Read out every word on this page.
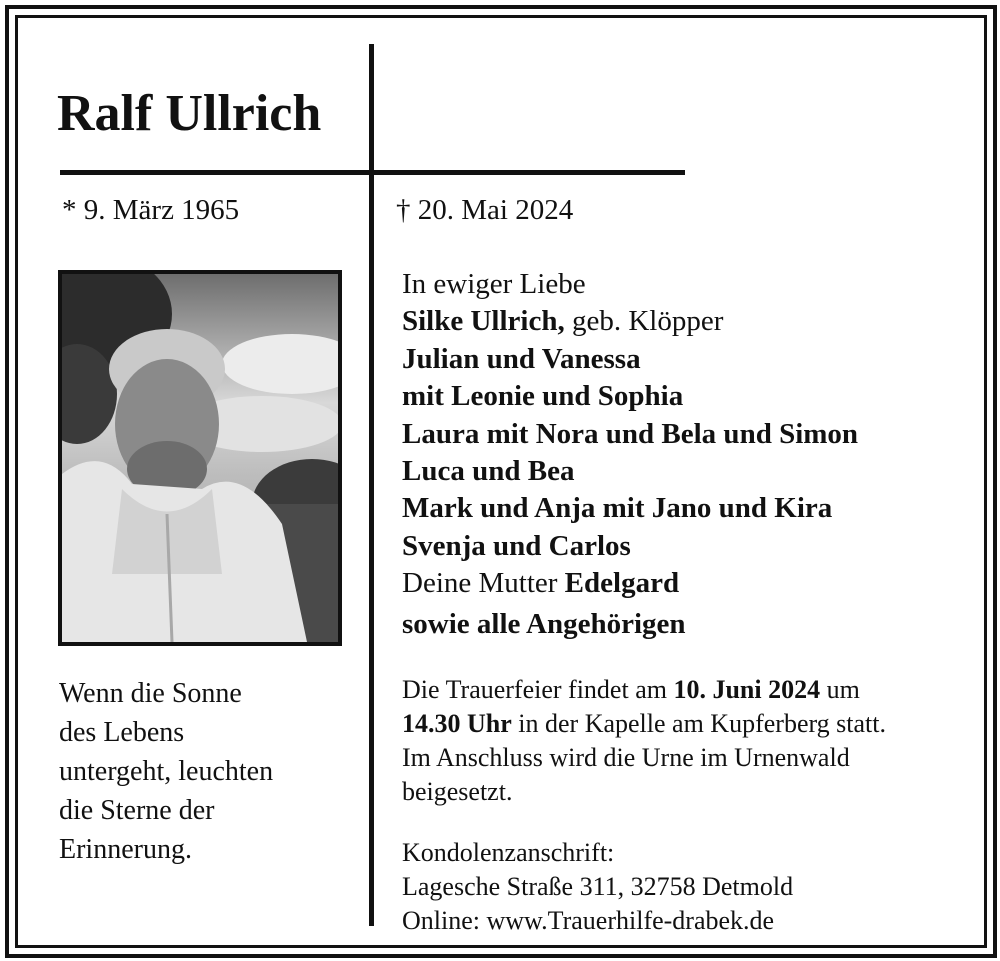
Ralf Ullrich
* 9. März 1965	† 20. Mai 2024
Wenn die Sonne
des Lebens
untergeht, leuchten
die Sterne der
Erinnerung.
In ewiger Liebe
Silke Ullrich, geb. Klöpper
Julian und Vanessa
mit Leonie und Sophia
Laura mit Nora und Bela und Simon
Luca und Bea
Mark und Anja mit Jano und Kira
Svenja und Carlos
Deine Mutter Edelgard
sowie alle Angehörigen
Die Trauerfeier findet am 10. Juni 2024 um
14.30 Uhr in der Kapelle am Kupferberg statt.
Im Anschluss wird die Urne im Urnenwald
beigesetzt.
Kondolenzanschrift:
Lagesche Straße 311, 32758 Detmold
Online: www.Trauerhilfe-drabek.de
